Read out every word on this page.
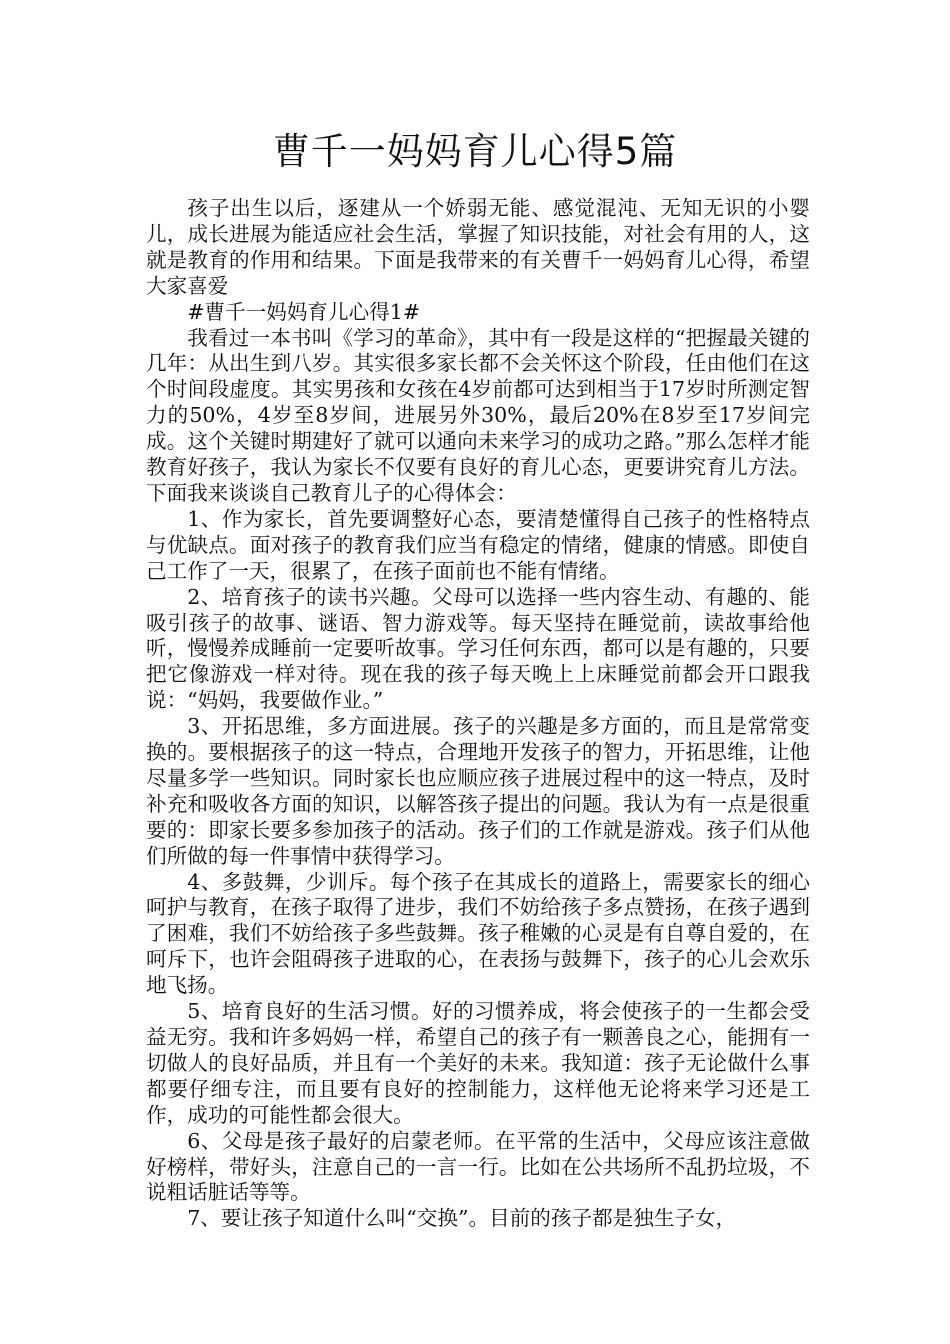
曹千一妈妈育儿心得5篇

孩子出生以后，逐建从一个娇弱无能、感觉混沌、无知无识的小婴儿，成长进展为能适应社会生活，掌握了知识技能，对社会有用的人，这就是教育的作用和结果。下面是我带来的有关曹千一妈妈育儿心得，希望大家喜爱

#曹千一妈妈育儿心得1#

我看过一本书叫《学习的革命》，其中有一段是这样的“把握最关键的几年：从出生到八岁。其实很多家长都不会关怀这个阶段，任由他们在这个时间段虚度。其实男孩和女孩在4岁前都可达到相当于17岁时所测定智力的50%，4岁至8岁间，进展另外30%，最后20%在8岁至17岁间完成。这个关键时期建好了就可以通向未来学习的成功之路。”那么怎样才能教育好孩子，我认为家长不仅要有良好的育儿心态，更要讲究育儿方法。下面我来谈谈自己教育儿子的心得体会：

1、作为家长，首先要调整好心态，要清楚懂得自己孩子的性格特点与优缺点。面对孩子的教育我们应当有稳定的情绪，健康的情感。即使自己工作了一天，很累了，在孩子面前也不能有情绪。

2、培育孩子的读书兴趣。父母可以选择一些内容生动、有趣的、能吸引孩子的故事、谜语、智力游戏等。每天坚持在睡觉前，读故事给他听，慢慢养成睡前一定要听故事。学习任何东西，都可以是有趣的，只要把它像游戏一样对待。现在我的孩子每天晚上上床睡觉前都会开口跟我说：“妈妈，我要做作业。”

3、开拓思维，多方面进展。孩子的兴趣是多方面的，而且是常常变换的。要根据孩子的这一特点，合理地开发孩子的智力，开拓思维，让他尽量多学一些知识。同时家长也应顺应孩子进展过程中的这一特点，及时补充和吸收各方面的知识，以解答孩子提出的问题。我认为有一点是很重要的：即家长要多参加孩子的活动。孩子们的工作就是游戏。孩子们从他们所做的每一件事情中获得学习。

4、多鼓舞，少训斥。每个孩子在其成长的道路上，需要家长的细心呵护与教育，在孩子取得了进步，我们不妨给孩子多点赞扬，在孩子遇到了困难，我们不妨给孩子多些鼓舞。孩子稚嫩的心灵是有自尊自爱的，在呵斥下，也许会阻碍孩子进取的心，在表扬与鼓舞下，孩子的心儿会欢乐地飞扬。

5、培育良好的生活习惯。好的习惯养成，将会使孩子的一生都会受益无穷。我和许多妈妈一样，希望自己的孩子有一颗善良之心，能拥有一切做人的良好品质，并且有一个美好的未来。我知道：孩子无论做什么事都要仔细专注，而且要有良好的控制能力，这样他无论将来学习还是工作，成功的可能性都会很大。

6、父母是孩子最好的启蒙老师。在平常的生活中，父母应该注意做好榜样，带好头，注意自己的一言一行。比如在公共场所不乱扔垃圾，不说粗话脏话等等。

7、要让孩子知道什么叫“交换”。目前的孩子都是独生子女，
